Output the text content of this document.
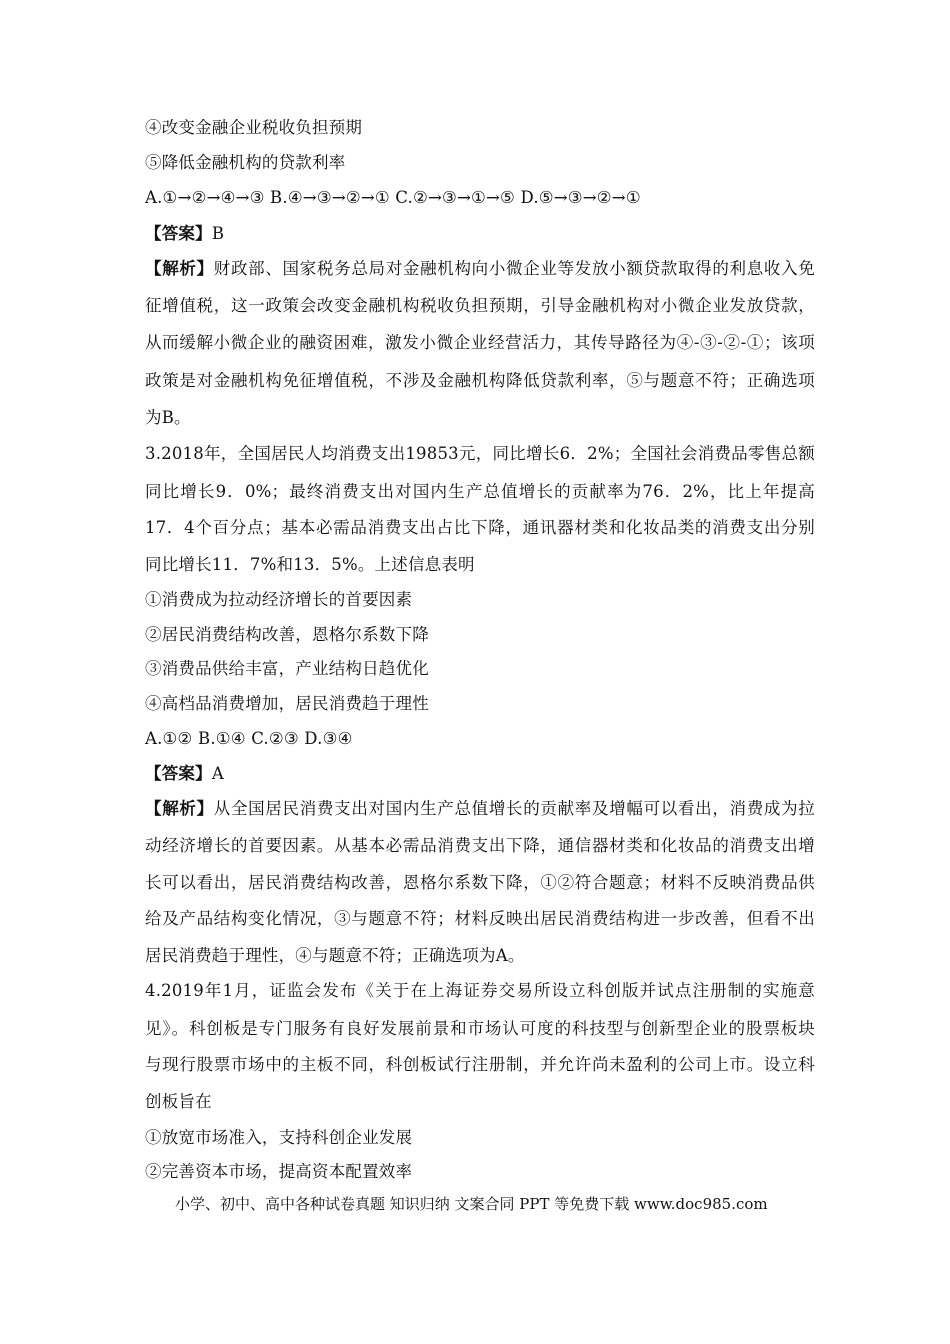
④改变金融企业税收负担预期
⑤降低金融机构的贷款利率
A.①→②→④→③ B.④→③→②→① C.②→③→①→⑤ D.⑤→③→②→①
【答案】B
【解析】财政部、国家税务总局对金融机构向小微企业等发放小额贷款取得的利息收入免
征增值税，这一政策会改变金融机构税收负担预期，引导金融机构对小微企业发放贷款，
从而缓解小微企业的融资困难，激发小微企业经营活力，其传导路径为④-③-②-①；该项
政策是对金融机构免征增值税，不涉及金融机构降低贷款利率，⑤与题意不符；正确选项
为B。
3.2018年，全国居民人均消费支出19853元，同比增长6．2%；全国社会消费品零售总额
同比增长9．0%；最终消费支出对国内生产总值增长的贡献率为76．2%，比上年提高
17．4个百分点；基本必需品消费支出占比下降，通讯器材类和化妆品类的消费支出分别
同比增长11．7%和13．5%。上述信息表明
①消费成为拉动经济增长的首要因素
②居民消费结构改善，恩格尔系数下降
③消费品供给丰富，产业结构日趋优化
④高档品消费增加，居民消费趋于理性
A.①② B.①④ C.②③ D.③④
【答案】A
【解析】从全国居民消费支出对国内生产总值增长的贡献率及增幅可以看出，消费成为拉
动经济增长的首要因素。从基本必需品消费支出下降，通信器材类和化妆品的消费支出增
长可以看出，居民消费结构改善，恩格尔系数下降，①②符合题意；材料不反映消费品供
给及产品结构变化情况，③与题意不符；材料反映出居民消费结构进一步改善，但看不出
居民消费趋于理性，④与题意不符；正确选项为A。
4.2019年1月，证监会发布《关于在上海证券交易所设立科创版并试点注册制的实施意
见》。科创板是专门服务有良好发展前景和市场认可度的科技型与创新型企业的股票板块
与现行股票市场中的主板不同，科创板试行注册制，并允许尚未盈利的公司上市。设立科
创板旨在
①放宽市场准入，支持科创企业发展
②完善资本市场，提高资本配置效率
小学、初中、高中各种试卷真题 知识归纳 文案合同 PPT 等免费下载 www.doc985.com
